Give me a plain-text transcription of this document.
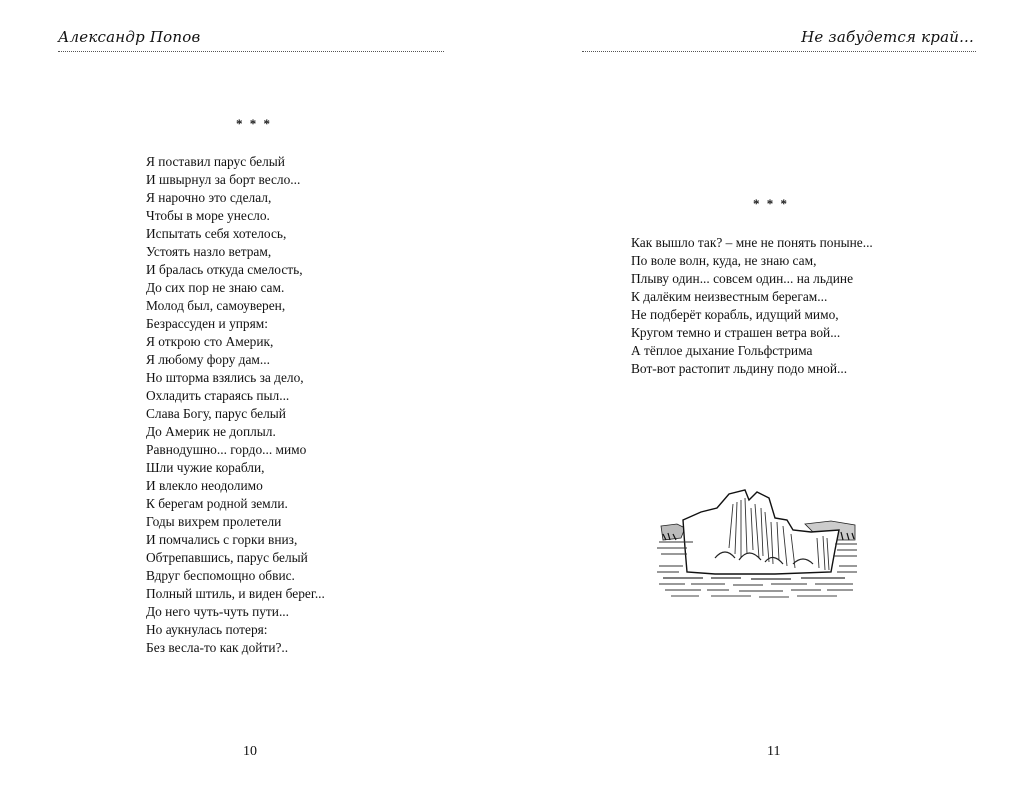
Александр Попов
* * *
Я поставил парус белый
И швырнул за борт весло...
Я нарочно это сделал,
Чтобы в море унесло.
Испытать себя хотелось,
Устоять назло ветрам,
И бралась откуда смелость,
До сих пор не знаю сам.
Молод был, самоуверен,
Безрассуден и упрям:
Я открою сто Америк,
Я любому фору дам...
Но шторма взялись за дело,
Охладить стараясь пыл...
Слава Богу, парус белый
До Америк не доплыл.
Равнодушно... гордо... мимо
Шли чужие корабли,
И влекло неодолимо
К берегам родной земли.
Годы вихрем пролетели
И помчались с горки вниз,
Обтрепавшись, парус белый
Вдруг беспомощно обвис.
Полный штиль, и виден берег...
До него чуть-чуть пути...
Но аукнулась потеря:
Без весла-то как дойти?..
10
Не забудется край...
* * *
Как вышло так? – мне не понять поныне...
По воле волн, куда, не знаю сам,
Плыву один... совсем один... на льдине
К далёким неизвестным берегам...
Не подберёт корабль, идущий мимо,
Кругом темно и страшен ветра вой...
А тёплое дыхание Гольфстрима
Вот-вот растопит льдину подо мной...
11
